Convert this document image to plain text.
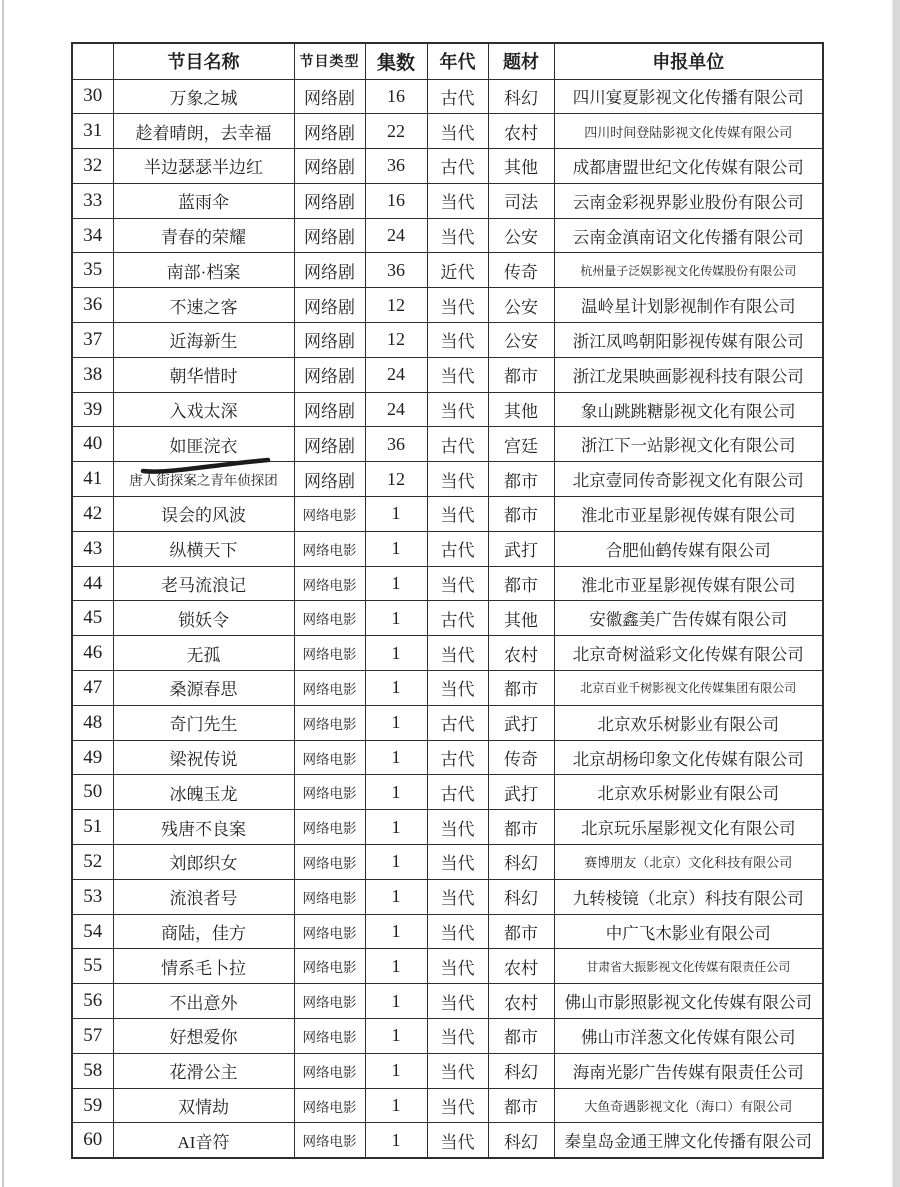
	节目名称	节目类型	集数	年代	题材	申报单位
30	万象之城	网络剧	16	古代	科幻	四川宴夏影视文化传播有限公司
31	趁着晴朗，去幸福	网络剧	22	当代	农村	四川时间登陆影视文化传媒有限公司
32	半边瑟瑟半边红	网络剧	36	古代	其他	成都唐盟世纪文化传媒有限公司
33	蓝雨伞	网络剧	16	当代	司法	云南金彩视界影业股份有限公司
34	青春的荣耀	网络剧	24	当代	公安	云南金滇南诏文化传播有限公司
35	南部·档案	网络剧	36	近代	传奇	杭州量子泛娱影视文化传媒股份有限公司
36	不速之客	网络剧	12	当代	公安	温岭星计划影视制作有限公司
37	近海新生	网络剧	12	当代	公安	浙江凤鸣朝阳影视传媒有限公司
38	朝华惜时	网络剧	24	当代	都市	浙江龙果映画影视科技有限公司
39	入戏太深	网络剧	24	当代	其他	象山跳跳糖影视文化有限公司
40	如匪浣衣	网络剧	36	古代	宫廷	浙江下一站影视文化有限公司
41	唐人街探案之青年侦探团	网络剧	12	当代	都市	北京壹同传奇影视文化有限公司
42	误会的风波	网络电影	1	当代	都市	淮北市亚星影视传媒有限公司
43	纵横天下	网络电影	1	古代	武打	合肥仙鹤传媒有限公司
44	老马流浪记	网络电影	1	当代	都市	淮北市亚星影视传媒有限公司
45	锁妖令	网络电影	1	古代	其他	安徽鑫美广告传媒有限公司
46	无孤	网络电影	1	当代	农村	北京奇树溢彩文化传媒有限公司
47	桑源春思	网络电影	1	当代	都市	北京百业千树影视文化传媒集团有限公司
48	奇门先生	网络电影	1	古代	武打	北京欢乐树影业有限公司
49	梁祝传说	网络电影	1	古代	传奇	北京胡杨印象文化传媒有限公司
50	冰魄玉龙	网络电影	1	古代	武打	北京欢乐树影业有限公司
51	残唐不良案	网络电影	1	当代	都市	北京玩乐屋影视文化有限公司
52	刘郎织女	网络电影	1	当代	科幻	赛博朋友（北京）文化科技有限公司
53	流浪者号	网络电影	1	当代	科幻	九转棱镜（北京）科技有限公司
54	商陆，佳方	网络电影	1	当代	都市	中广飞木影业有限公司
55	情系毛卜拉	网络电影	1	当代	农村	甘肃省大振影视文化传媒有限责任公司
56	不出意外	网络电影	1	当代	农村	佛山市影照影视文化传媒有限公司
57	好想爱你	网络电影	1	当代	都市	佛山市洋葱文化传媒有限公司
58	花滑公主	网络电影	1	当代	科幻	海南光影广告传媒有限责任公司
59	双情劫	网络电影	1	当代	都市	大鱼奇遇影视文化（海口）有限公司
60	AI音符	网络电影	1	当代	科幻	秦皇岛金通王牌文化传播有限公司
